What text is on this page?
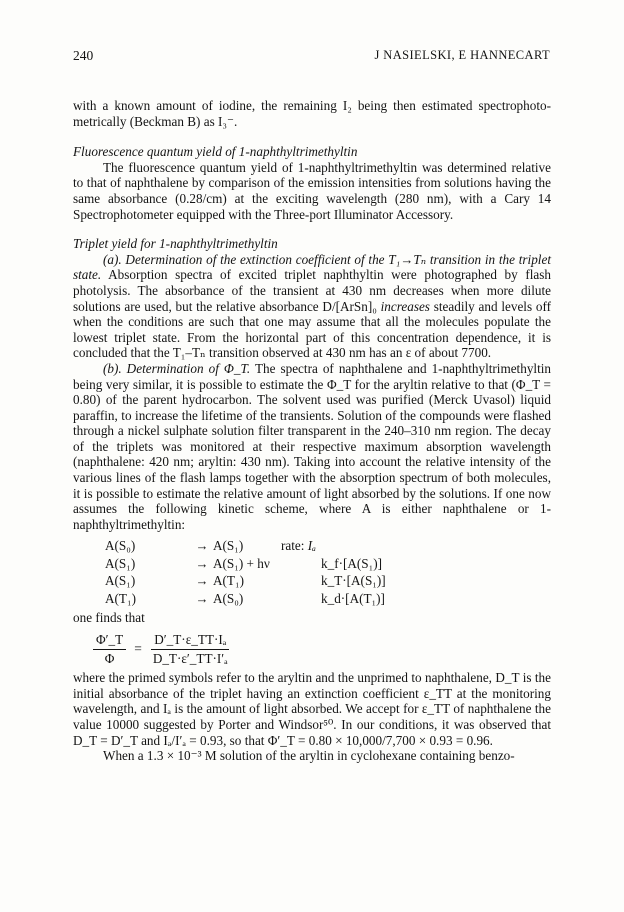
240	J NASIELSKI, E HANNECART

with a known amount of iodine, the remaining I₂ being then estimated spectrophotometrically (Beckman B) as I₃⁻.

Fluorescence quantum yield of 1-naphthyltrimethyltin

The fluorescence quantum yield of 1-naphthyltrimethyltin was determined relative to that of naphthalene by comparison of the emission intensities from solutions having the same absorbance (0.28/cm) at the exciting wavelength (280 nm), with a Cary 14 Spectrophotometer equipped with the Three-port Illuminator Accessory.

Triplet yield for 1-naphthyltrimethyltin

(a). Determination of the extinction coefficient of the T₁→Tₙ transition in the triplet state. Absorption spectra of excited triplet naphthyltin were photographed by flash photolysis. The absorbance of the transient at 430 nm decreases when more dilute solutions are used, but the relative absorbance D/[ArSn]₀ increases steadily and levels off when the conditions are such that one may assume that all the molecules populate the lowest triplet state. From the horizontal part of this concentration dependence, it is concluded that the T₁–Tₙ transition observed at 430 nm has an ε of about 7700.

(b). Determination of Φ_T. The spectra of naphthalene and 1-naphthyltrimethyltin being very similar, it is possible to estimate the Φ_T for the aryltin relative to that (Φ_T = 0.80) of the parent hydrocarbon. The solvent used was purified (Merck Uvasol) liquid paraffin, to increase the lifetime of the transients. Solution of the compounds were flashed through a nickel sulphate solution filter transparent in the 240–310 nm region. The decay of the triplets was monitored at their respective maximum absorption wavelength (naphthalene: 420 nm; aryltin: 430 nm). Taking into account the relative intensity of the various lines of the flash lamps together with the absorption spectrum of both molecules, it is possible to estimate the relative amount of light absorbed by the solutions. If one now assumes the following kinetic scheme, where A is either naphthalene or 1-naphthyltrimethyltin:

A(S₀)	→ A(S₁)	rate: Iₐ
A(S₁)	→ A(S₁) + hν	k_f·[A(S₁)]
A(S₁)	→ A(T₁)	k_T·[A(S₁)]
A(T₁)	→ A(S₀)	k_d·[A(T₁)]

one finds that

$\frac{\Phi'\_T}{\Phi} = \frac{\text{D′\_T·ε\_TT·Iₐ}}{\text{D\_T·ε′\_TT·I′ₐ}}$

where the primed symbols refer to the aryltin and the unprimed to naphthalene, D_T is the initial absorbance of the triplet having an extinction coefficient ε_TT at the monitoring wavelength, and Iₐ is the amount of light absorbed. We accept for ε_TT of naphthalene the value 10000 suggested by Porter and Windsor⁵⁰. In our conditions, it was observed that D_T = D′_T and Iₐ/I′ₐ = 0.93, so that Φ′_T = 0.80 × 10,000/7,700 × 0.93 = 0.96.

When a 1.3 × 10⁻³ M solution of the aryltin in cyclohexane containing benzo-
